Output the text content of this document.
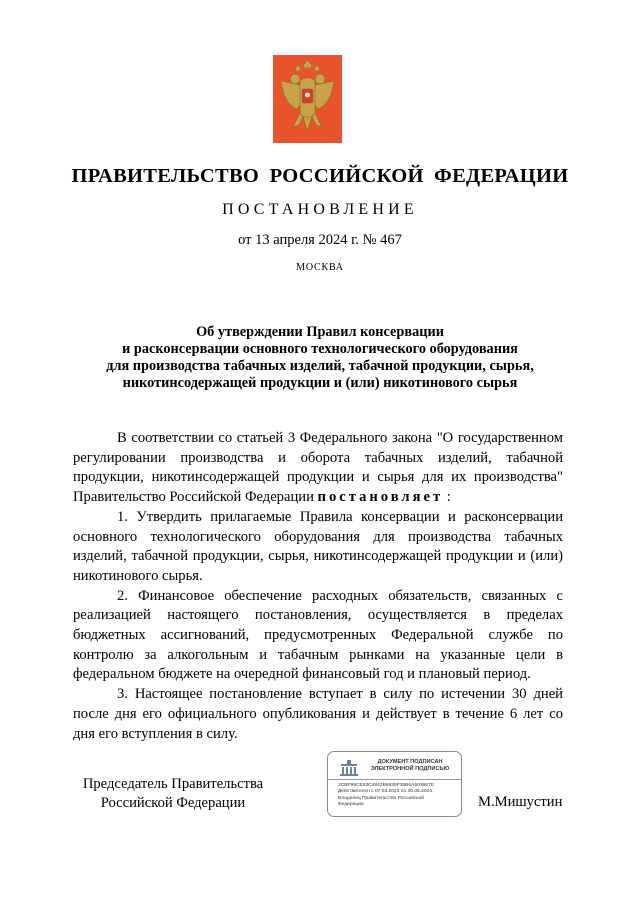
ПРАВИТЕЛЬСТВО РОССИЙСКОЙ ФЕДЕРАЦИИ
ПОСТАНОВЛЕНИЕ
от 13 апреля 2024 г. № 467
МОСКВА
Об утверждении Правил консервации
и расконсервации основного технологического оборудования
для производства табачных изделий, табачной продукции, сырья,
никотинсодержащей продукции и (или) никотинового сырья

В соответствии со статьей 3 Федерального закона "О государственном регулировании производства и оборота табачных изделий, табачной продукции, никотинсодержащей продукции и сырья для их производства" Правительство Российской Федерации постановляет :

1. Утвердить прилагаемые Правила консервации и расконсервации основного технологического оборудования для производства табачных изделий, табачной продукции, сырья, никотинсодержащей продукции и (или) никотинового сырья.

2. Финансовое обеспечение расходных обязательств, связанных с реализацией настоящего постановления, осуществляется в пределах бюджетных ассигнований, предусмотренных Федеральной службе по контролю за алкогольным и табачным рынками на указанные цели в федеральном бюджете на очередной финансовый год и плановый период.

3. Настоящее постановление вступает в силу по истечении 30 дней после дня его официального опубликования и действует в течение 6 лет со дня его вступления в силу.

Председатель Правительства
Российской Федерации
ДОКУМЕНТ ПОДПИСАН
ЭЛЕКТРОННОЙ ПОДПИСЬЮ
2CBF99CE53C4842B6639F35B6A503667E
Действителен с 07.03.2023 по 30.05.2024
Владелец Правительство Российской
Федерации	М.Мишустин
